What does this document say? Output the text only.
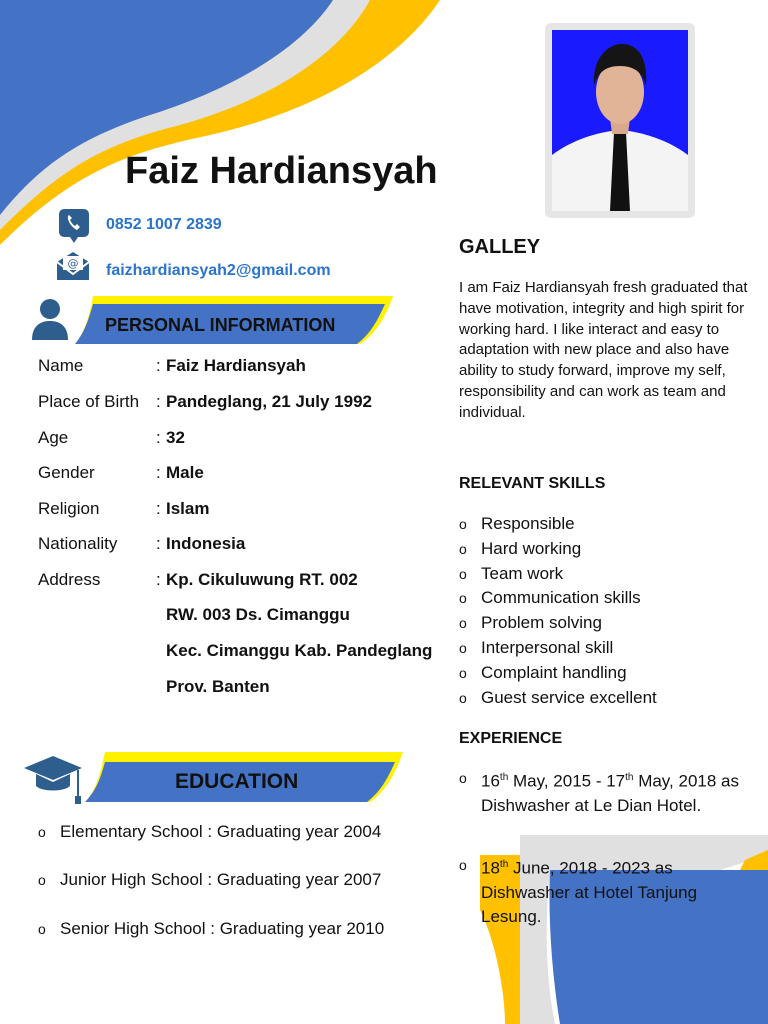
Faiz Hardiansyah
0852 1007 2839
@ faizhardiansyah2@gmail.com
PERSONAL INFORMATION
Name	: Faiz Hardiansyah
Place of Birth : Pandeglang, 21 July 1992
Age	: 32
Gender	: Male
Religion	: Islam
Nationality : Indonesia
Address	: Kp. Cikuluwung RT. 002
RW. 003 Ds. Cimanggu
Kec. Cimanggu Kab. Pandeglang
Prov. Banten
EDUCATION
o Elementary School : Graduating year 2004
o Junior High School : Graduating year 2007
o Senior High School : Graduating year 2010
GALLEY
I am Faiz Hardiansyah fresh graduated that have motivation, integrity and high spirit for working hard. I like interact and easy to adaptation with new place and also have ability to study forward, improve my self, responsibility and can work as team and individual.
RELEVANT SKILLS
o Responsible
o Hard working
o Team work
o Communication skills
o Problem solving
o Interpersonal skill
o Complaint handling
o Guest service excellent
EXPERIENCE
o 16th May, 2015 - 17th May, 2018 as Dishwasher at Le Dian Hotel.
o 18th June, 2018 - 2023 as Dishwasher at Hotel Tanjung Lesung.
